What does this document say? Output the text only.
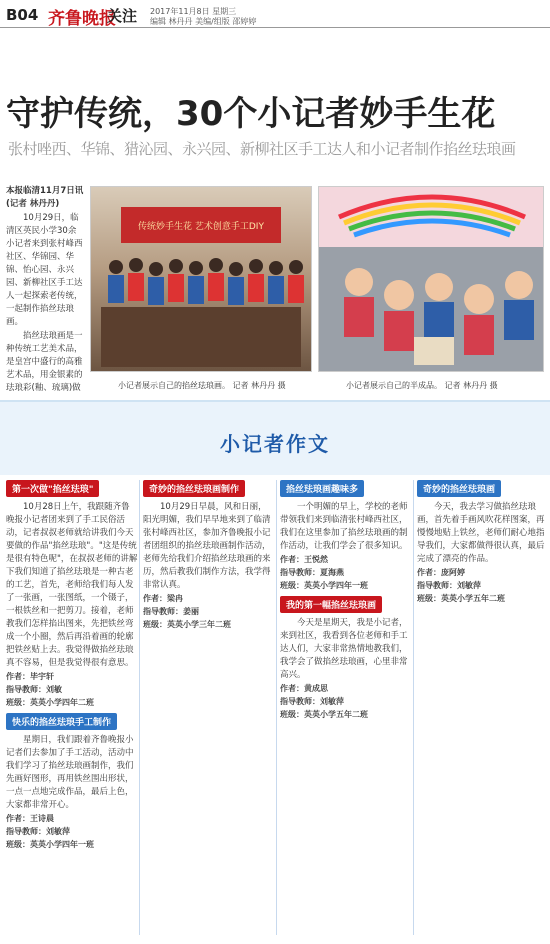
B04 齐鲁晚报
关注 2017年11月8日 星期三
编辑 林丹丹 美编/组版 邵婷婷
守护传统，30个小记者妙手生花
张村唑西、华锦、猎沁园、永兴园、新柳社区手工达人和小记者制作掐丝珐琅画

本报临清11月7日讯(记者 林丹丹)

10月29日，临清区英民小学30余小记者来到张村峰西社区、华锦园、华锦、怡心园、永兴园、新柳社区手工达人一起探索老传统，一起制作掐丝珐琅画。

掐丝珐琅画是一种传统工艺美术品，是皇宫中盛行的高雅艺术品，用金银素的珐琅彩(釉、琉璃)做

传统妙手生花 艺术创意手工DIY
小记者展示自己的掐丝珐琅画。 记者 林丹丹 摄	小记者展示自己的半成品。 记者 林丹丹 摄
小记者作文
第一次做"掐丝珐琅"

10月28日上午，我跟随齐鲁晚报小记者团来到了手工民俗活动，记者叔叔老师就给讲我们今天要做的作品"掐丝珐琅"。"这是传统是很有特色呢"，在叔叔老师的讲解下我们知道了掐丝珐琅是一种古老的工艺，首先，老师给我们每人发了一张画，一张图纸，一个镊子，一根铁丝和一把剪刀。接着，老师教我们怎样掐出图来，先把铁丝弯成一个小圈，然后再沿着画的轮廓把铁丝贴上去。我觉得做掐丝珐琅真不容易，但是我觉得很有意思。

作者：毕宇轩
指导教师：刘敏
班级：英英小学四年二班
快乐的掐丝珐琅手工制作

星期日，我们跟着齐鲁晚报小记者们去参加了手工活动，活动中我们学习了掐丝珐琅画制作，我们先画好图形，再用铁丝围出形状，一点一点地完成作品，最后上色，大家都非常开心。

作者：王诗晨
指导教师：刘敏萍
班级：英英小学四年一班
奇妙的掐丝珐琅画制作

10月29日早晨，风和日丽，阳光明媚，我们早早地来到了临清张村峰西社区，参加齐鲁晚报小记者团组织的掐丝珐琅画制作活动，老师先给我们介绍掐丝珐琅画的来历，然后教我们制作方法，我学得非常认真。

作者：梁冉
指导教师：姜丽
班级：英英小学三年二班
掐丝珐琅画趣味多

一个明媚的早上，学校的老师带领我们来到临清张村峰西社区，我们在这里参加了掐丝珐琅画的制作活动，让我们学会了很多知识。

作者：王悦然
指导教师：夏海燕
班级：英英小学四年一班
我的第一幅掐丝珐琅画

今天是星期天，我是小记者，来到社区，我看到各位老师和手工达人们，大家非常热情地教我们，我学会了做掐丝珐琅画，心里非常高兴。

作者：黄成思
指导教师：刘敏萍
班级：英英小学五年二班
奇妙的掐丝珐琅画

今天，我去学习做掐丝珐琅画，首先着手画风吹花样图案，再慢慢地贴上铁丝，老师们耐心地指导我们，大家都做得很认真，最后完成了漂亮的作品。

作者：庞阿婷
指导教师：刘敏萍
班级：英英小学五年二班
